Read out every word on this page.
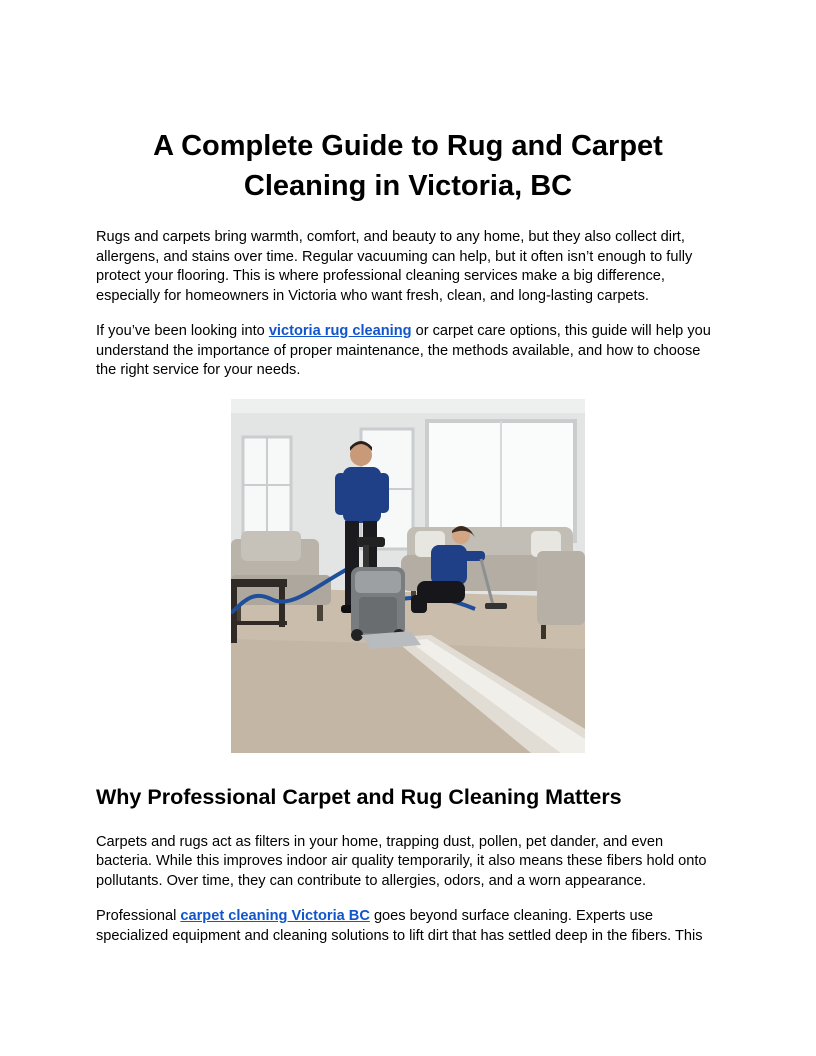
A Complete Guide to Rug and Carpet Cleaning in Victoria, BC

Rugs and carpets bring warmth, comfort, and beauty to any home, but they also collect dirt, allergens, and stains over time. Regular vacuuming can help, but it often isn’t enough to fully protect your flooring. This is where professional cleaning services make a big difference, especially for homeowners in Victoria who want fresh, clean, and long-lasting carpets.

If you’ve been looking into victoria rug cleaning or carpet care options, this guide will help you understand the importance of proper maintenance, the methods available, and how to choose the right service for your needs.

Why Professional Carpet and Rug Cleaning Matters

Carpets and rugs act as filters in your home, trapping dust, pollen, pet dander, and even bacteria. While this improves indoor air quality temporarily, it also means these fibers hold onto pollutants. Over time, they can contribute to allergies, odors, and a worn appearance.

Professional carpet cleaning Victoria BC goes beyond surface cleaning. Experts use specialized equipment and cleaning solutions to lift dirt that has settled deep in the fibers. This
